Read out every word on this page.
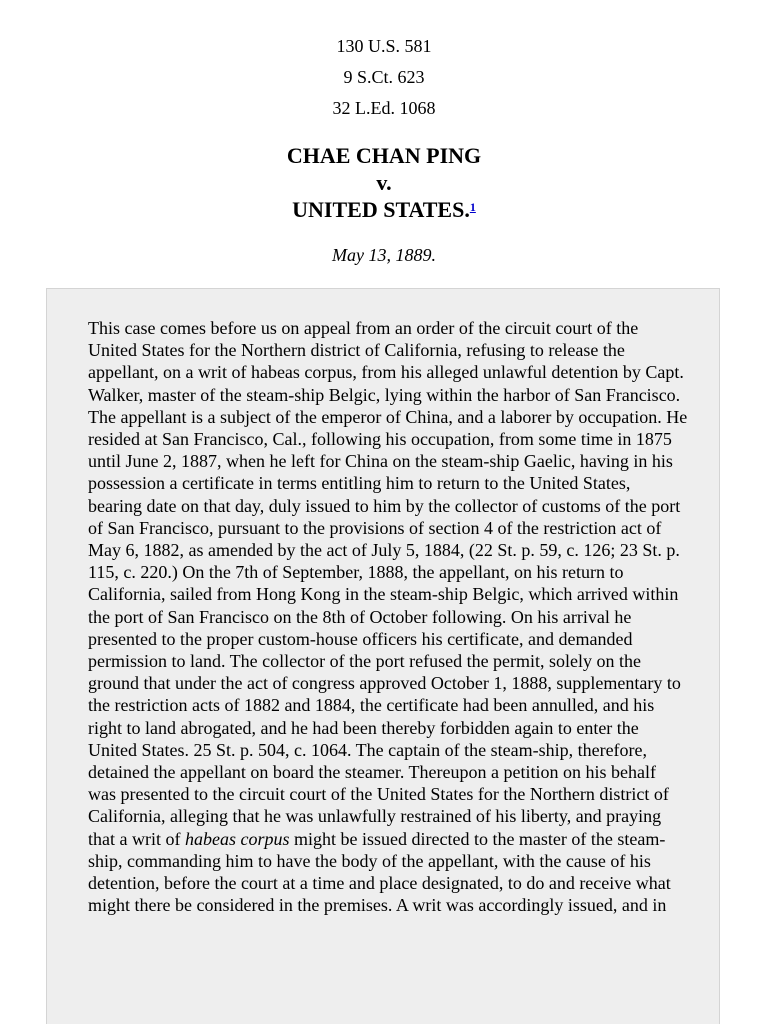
130 U.S. 581
9 S.Ct. 623
32 L.Ed. 1068
CHAE CHAN PING
v.
UNITED STATES.$^1$
May 13, 1889.

This case comes before us on appeal from an order of the circuit court of the United States for the Northern district of California, refusing to release the appellant, on a writ of habeas corpus, from his alleged unlawful detention by Capt. Walker, master of the steam-ship Belgic, lying within the harbor of San Francisco. The appellant is a subject of the emperor of China, and a laborer by occupation. He resided at San Francisco, Cal., following his occupation, from some time in 1875 until June 2, 1887, when he left for China on the steam-ship Gaelic, having in his possession a certificate in terms entitling him to return to the United States, bearing date on that day, duly issued to him by the collector of customs of the port of San Francisco, pursuant to the provisions of section 4 of the restriction act of May 6, 1882, as amended by the act of July 5, 1884, (22 St. p. 59, c. 126; 23 St. p. 115, c. 220.) On the 7th of September, 1888, the appellant, on his return to California, sailed from Hong Kong in the steam-ship Belgic, which arrived within the port of San Francisco on the 8th of October following. On his arrival he presented to the proper custom-house officers his certificate, and demanded permission to land. The collector of the port refused the permit, solely on the ground that under the act of congress approved October 1, 1888, supplementary to the restriction acts of 1882 and 1884, the certificate had been annulled, and his right to land abrogated, and he had been thereby forbidden again to enter the United States. 25 St. p. 504, c. 1064. The captain of the steam-ship, therefore, detained the appellant on board the steamer. Thereupon a petition on his behalf was presented to the circuit court of the United States for the Northern district of California, alleging that he was unlawfully restrained of his liberty, and praying that a writ of habeas corpus might be issued directed to the master of the steam-ship, commanding him to have the body of the appellant, with the cause of his detention, before the court at a time and place designated, to do and receive what might there be considered in the premises. A writ was accordingly issued, and in
